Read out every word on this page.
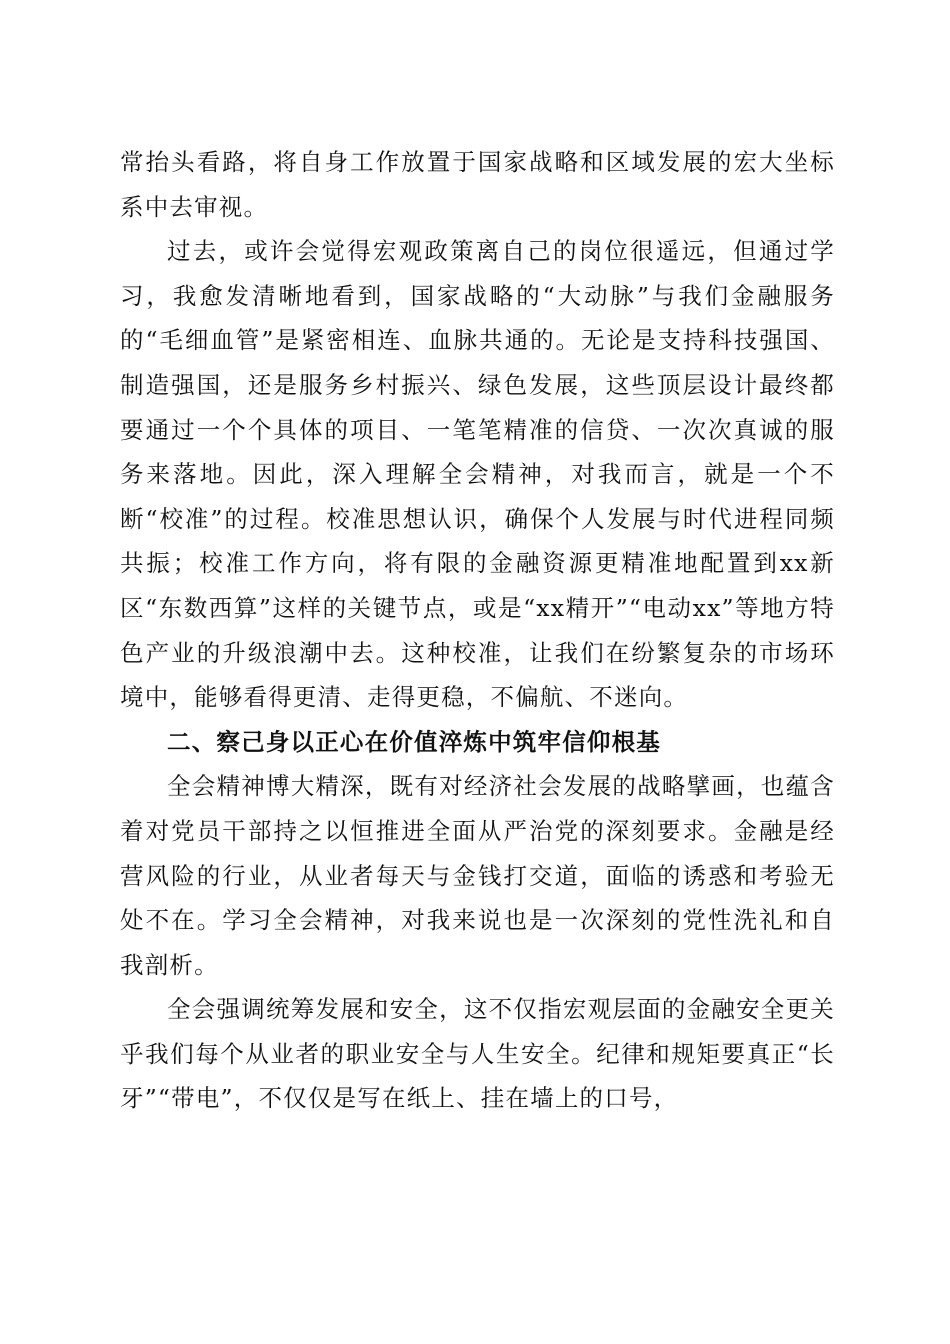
常抬头看路，将自身工作放置于国家战略和区域发展的宏大坐标系中去审视。

过去，或许会觉得宏观政策离自己的岗位很遥远，但通过学习，我愈发清晰地看到，国家战略的“大动脉”与我们金融服务的“毛细血管”是紧密相连、血脉共通的。无论是支持科技强国、制造强国，还是服务乡村振兴、绿色发展，这些顶层设计最终都要通过一个个具体的项目、一笔笔精准的信贷、一次次真诚的服务来落地。因此，深入理解全会精神，对我而言，就是一个不断“校准”的过程。校准思想认识，确保个人发展与时代进程同频共振；校准工作方向，将有限的金融资源更精准地配置到xx新区“东数西算”这样的关键节点，或是“xx精开”“电动xx”等地方特色产业的升级浪潮中去。这种校准，让我们在纷繁复杂的市场环境中，能够看得更清、走得更稳，不偏航、不迷向。

二、察己身以正心在价值淬炼中筑牢信仰根基

全会精神博大精深，既有对经济社会发展的战略擘画，也蕴含着对党员干部持之以恒推进全面从严治党的深刻要求。金融是经营风险的行业，从业者每天与金钱打交道，面临的诱惑和考验无处不在。学习全会精神，对我来说也是一次深刻的党性洗礼和自我剖析。

全会强调统筹发展和安全，这不仅指宏观层面的金融安全更关乎我们每个从业者的职业安全与人生安全。纪律和规矩要真正“长牙”“带电”，不仅仅是写在纸上、挂在墙上的口号，
